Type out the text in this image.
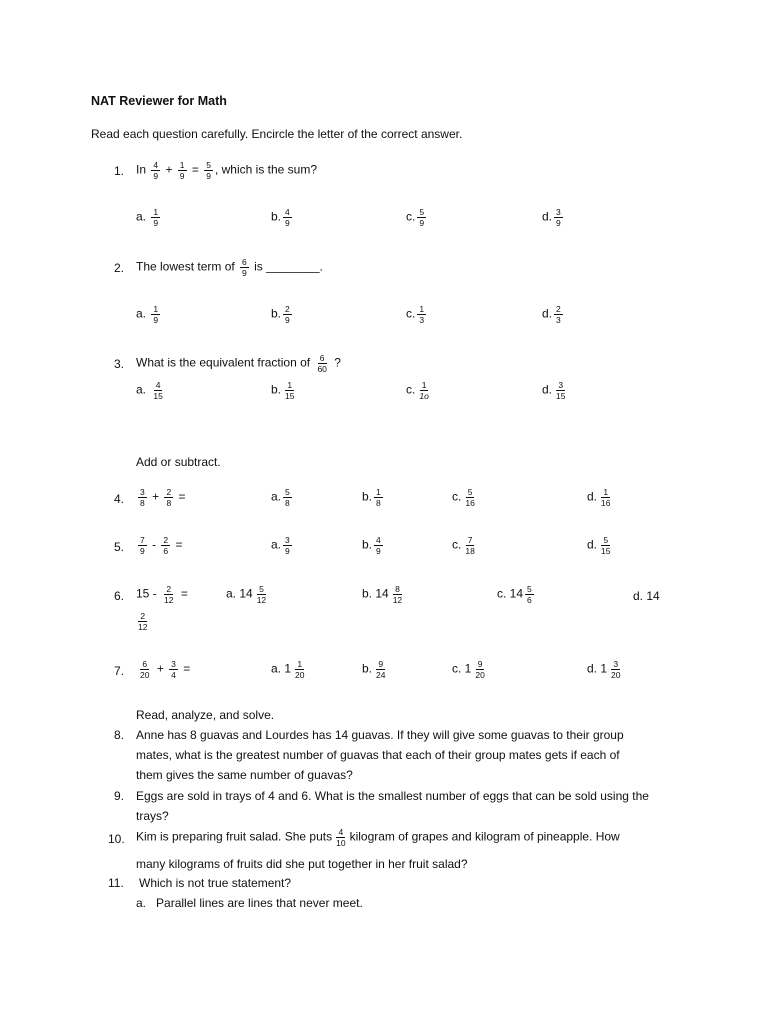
NAT Reviewer for Math
Read each question carefully. Encircle the letter of the correct answer.
1. In $\frac{4}{9} + \frac{1}{9} = \frac{5}{9}$ , which is the sum?
a. $\frac{1}{9}$	b. $\frac{4}{9}$	c. $\frac{5}{9}$	d. $\frac{3}{9}$
2. The lowest term of $\frac{6}{9}$ is ________.
a. $\frac{1}{9}$	b. $\frac{2}{9}$	c. $\frac{1}{3}$	d. $\frac{2}{3}$
3. What is the equivalent fraction of $\frac{6}{60}$ ?
a. $\frac{4}{15}$	b. $\frac{1}{15}$	c. $\frac{1}{1o}$	d. $\frac{3}{15}$
Add or subtract.
4. $\frac{3}{8} + \frac{2}{8}$ =	a. $\frac{5}{8}$	b. $\frac{1}{8}$	c. $\frac{5}{16}$	d. $\frac{1}{16}$
5. $\frac{7}{9} - \frac{2}{6}$ =	a. $\frac{3}{9}$	b. $\frac{4}{9}$	c. $\frac{7}{18}$	d. $\frac{5}{15}$
6. $15 - \frac{2}{12}$ =	a. $14 \frac{5}{12}$	b. $14 \frac{8}{12}$	c. $14 \frac{5}{6}$	d. 14
$\frac{2}{12}$
7. $\frac{6}{20} + \frac{3}{4}$ =	a. $1 \frac{1}{20}$	b. $\frac{9}{24}$	c. $1 \frac{9}{20}$	d. $1 \frac{3}{20}$
Read, analyze, and solve.
8. Anne has 8 guavas and Lourdes has 14 guavas. If they will give some guavas to their group
mates, what is the greatest number of guavas that each of their group mates gets if each of
them gives the same number of guavas?
9. Eggs are sold in trays of 4 and 6. What is the smallest number of eggs that can be sold using the
trays?
10. Kim is preparing fruit salad. She puts $\frac{4}{10}$ kilogram of grapes and kilogram of pineapple. How
many kilograms of fruits did she put together in her fruit salad?
11. Which is not true statement?
a. Parallel lines are lines that never meet.
